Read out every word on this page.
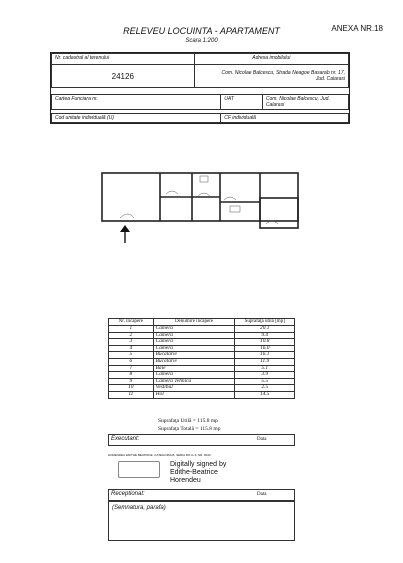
RELEVEU LOCUINTA - APARTAMENT
Scara 1:200
ANEXA NR.18
Nr. cadastral al terenului	Adresa imobilului
24126	Com. Nicolae Balcescu, Strada Neagoe Basarab nr. 17,
Jud. Calarasi
Cartea Funciara nr.	UAT	Com. Nicolae Balcescu, Jud. Calarasi
Cod unitate individuală (U)	CF individuală
Nr. încapere	Denumire încapere	Suprafaţa utilă [mp]
1	Camera	20.1
2	Camera	9.4
3	Camera	10.8
4	Camera	16.0
5	Bucatarie	16.1
6	Bucatarie	11.9
7	Baie	5.1
8	Camera	3.9
9	Camera Tehnica	5.5
10	Vestibul	2.5
11	Hol	14.5
Suprafaţa Utilă = 115.8 mp
Suprafaţa Totală = 115.8 mp
Executant:	Data
HORENDEU EDITHE BEATRICE, CATEGORIA B, SERIA RO-IL-F, NR. 0043
Digitally signed by
Edithe-Beatrice
Horendeu
Receptionat:	Data
(Semnatura, parafa)
